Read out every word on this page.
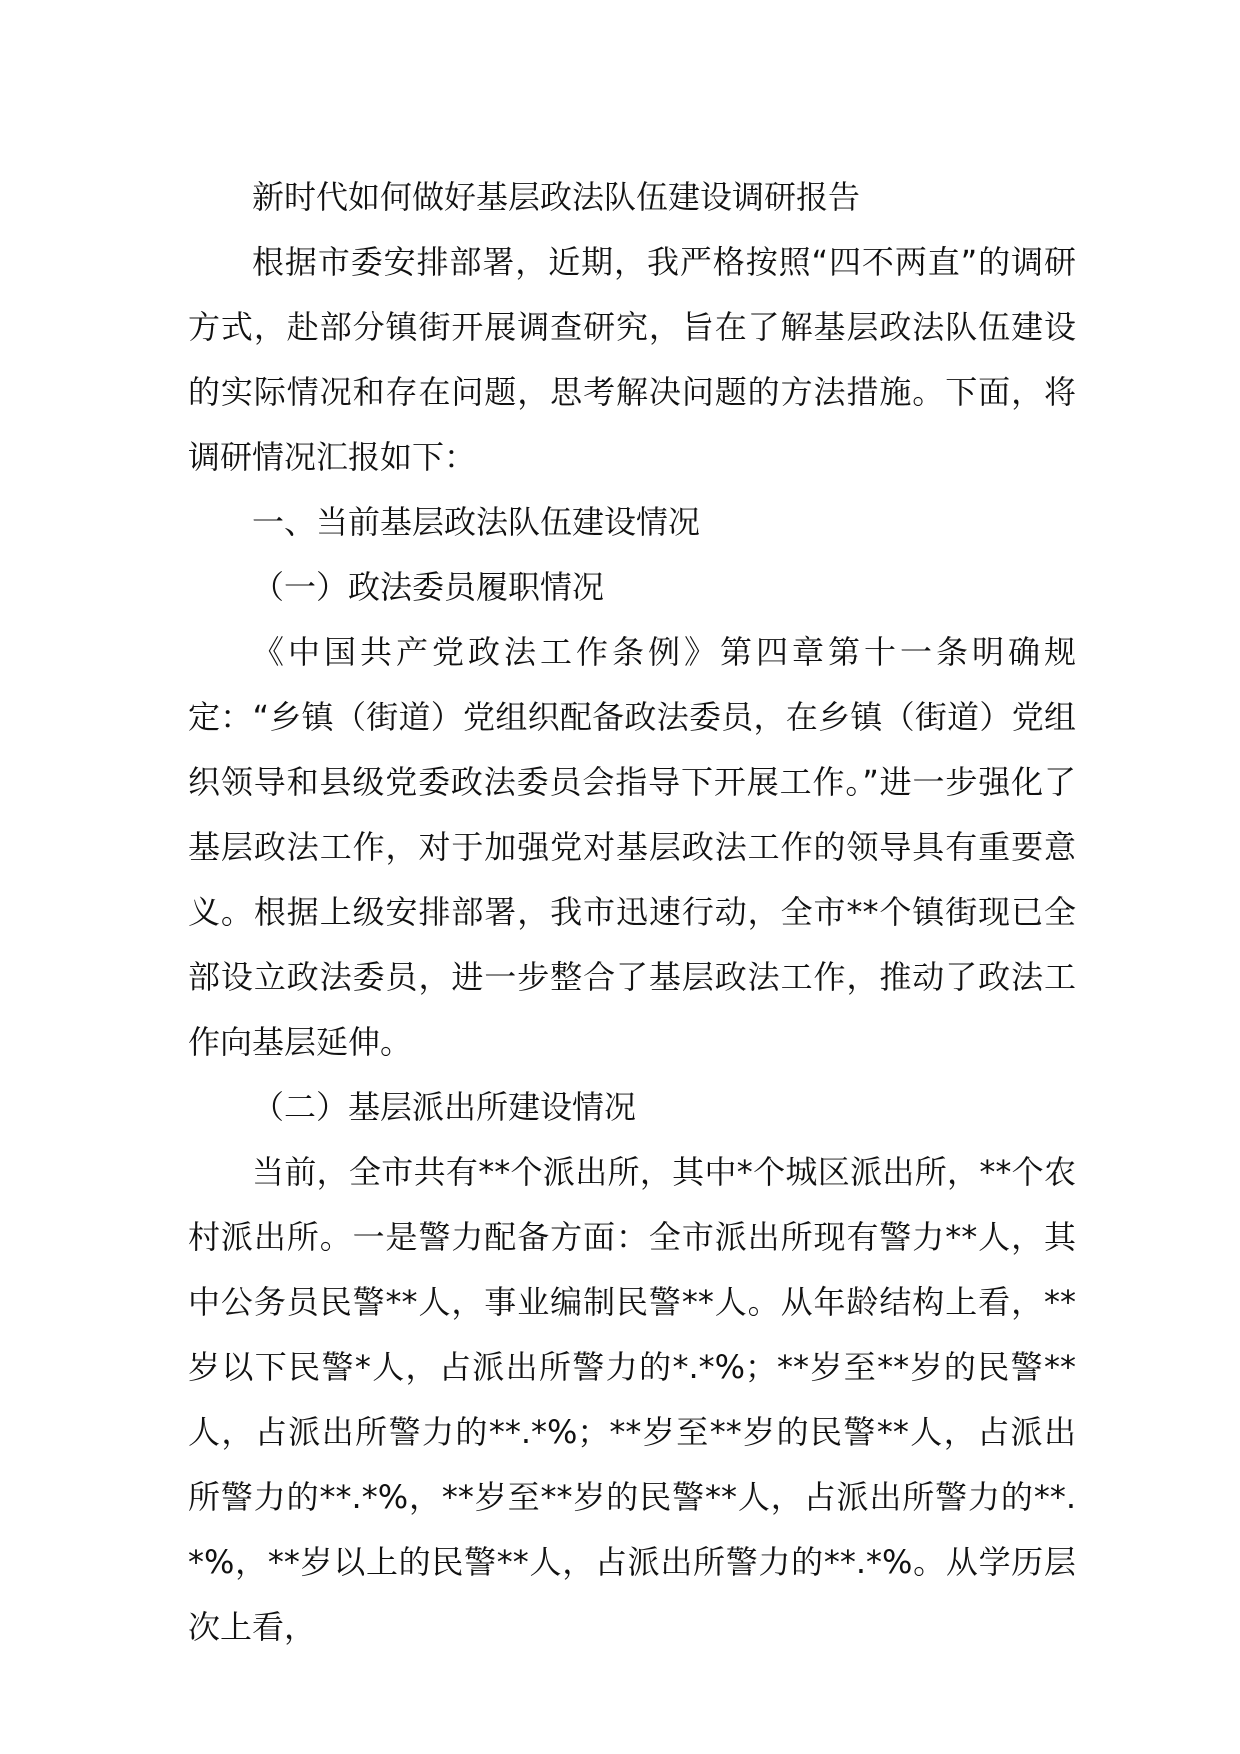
新时代如何做好基层政法队伍建设调研报告

根据市委安排部署，近期，我严格按照“四不两直”的调研方式，赴部分镇街开展调查研究，旨在了解基层政法队伍建设的实际情况和存在问题，思考解决问题的方法措施。下面，将调研情况汇报如下：

一、当前基层政法队伍建设情况

（一）政法委员履职情况

《中国共产党政法工作条例》第四章第十一条明确规定：“乡镇（街道）党组织配备政法委员，在乡镇（街道）党组织领导和县级党委政法委员会指导下开展工作。”进一步强化了基层政法工作，对于加强党对基层政法工作的领导具有重要意义。根据上级安排部署，我市迅速行动，全市**个镇街现已全部设立政法委员，进一步整合了基层政法工作，推动了政法工作向基层延伸。

（二）基层派出所建设情况

当前，全市共有**个派出所，其中*个城区派出所，**个农村派出所。一是警力配备方面：全市派出所现有警力**人，其中公务员民警**人，事业编制民警**人。从年龄结构上看，**岁以下民警*人，占派出所警力的*.*%；**岁至**岁的民警**人，占派出所警力的**.*%；**岁至**岁的民警**人，占派出所警力的**.*%，**岁至**岁的民警**人，占派出所警力的**.*%，**岁以上的民警**人，占派出所警力的**.*%。从学历层次上看，
